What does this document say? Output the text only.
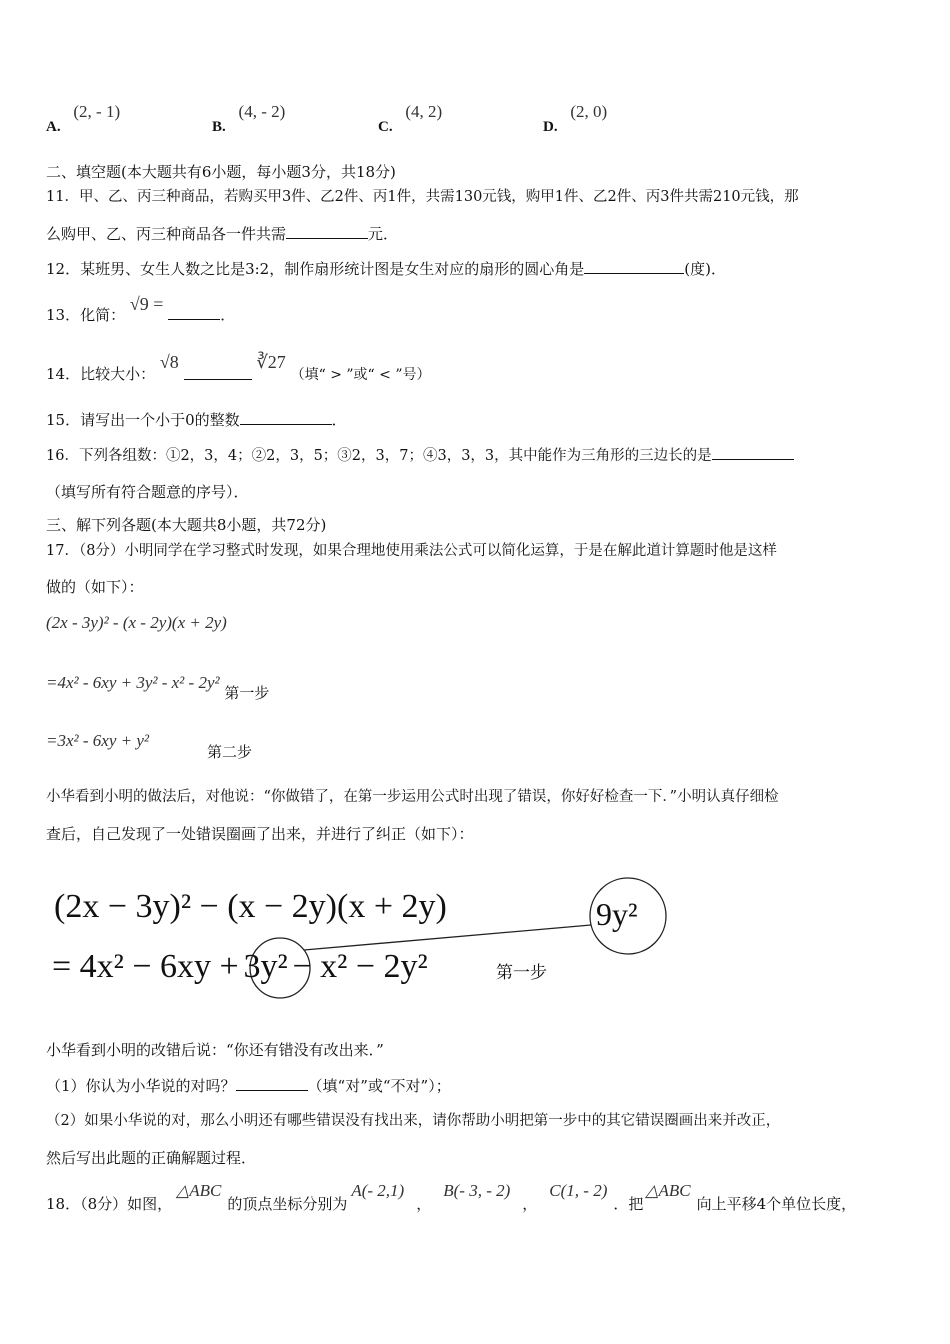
A. (2, - 1)
B. (4, - 2)
C. (4, 2)
D. (2, 0)
二、填空题(本大题共有6小题，每小题3分，共18分)
11．甲、乙、丙三种商品，若购买甲3件、乙2件、丙1件，共需130元钱，购甲1件、乙2件、丙3件共需210元钱，那
么购甲、乙、丙三种商品各一件共需	元．
12．某班男、女生人数之比是3:2，制作扇形统计图是女生对应的扇形的圆心角是	(度)．
13．化简： √9 = ．
14．比较大小： √8	∛27 （填“ > ”或“ < ”号）
15．请写出一个小于0的整数	．
16．下列各组数：①2，3，4；②2，3，5；③2，3，7；④3，3，3，其中能作为三角形的三边长的是
（填写所有符合题意的序号）．
三、解下列各题(本大题共8小题，共72分)
17．（8分）小明同学在学习整式时发现，如果合理地使用乘法公式可以简化运算，于是在解此道计算题时他是这样
做的（如下）：
(2x - 3y)² - (x - 2y)(x + 2y)
=4x² - 6xy + 3y² - x² - 2y² 第一步
=3x² - 6xy + y²
第二步
小华看到小明的做法后，对他说：“你做错了，在第一步运用公式时出现了错误，你好好检查一下．”小明认真仔细检
查后，自己发现了一处错误圈画了出来，并进行了纠正（如下）：
(2x − 3y)² − (x − 2y)(x + 2y)
= 4x² − 6xy + 3y² − x² − 2y²	第一步
9y²
小华看到小明的改错后说：“你还有错没有改出来．”
（1）你认为小华说的对吗？	（填“对”或“不对”）；
（2）如果小华说的对，那么小明还有哪些错误没有找出来，请你帮助小明把第一步中的其它错误圈画出来并改正，
然后写出此题的正确解题过程．
18．（8分）如图，△ABC的顶点坐标分别为A(- 2,1)，B(- 3, - 2)，C(1, - 2)．把△ABC向上平移4个单位长度，
